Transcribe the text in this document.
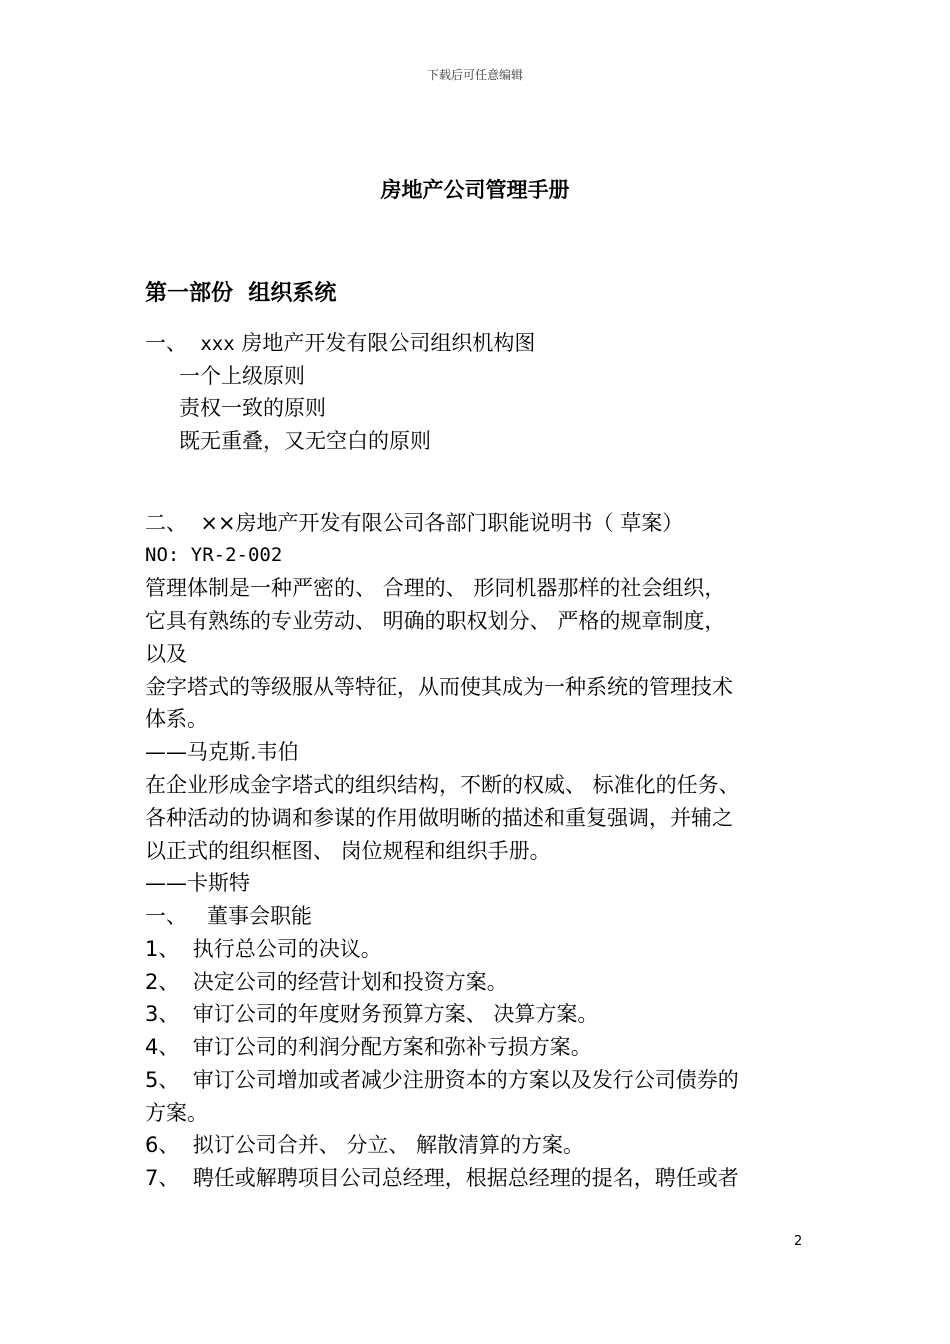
下载后可任意编辑
房地产公司管理手册
第一部份  组织系统
一、  xxx 房地产开发有限公司组织机构图
一个上级原则
责权一致的原则
既无重叠，又无空白的原则
二、  ××房地产开发有限公司各部门职能说明书（ 草案）
NO: YR-2-002
管理体制是一种严密的、 合理的、 形同机器那样的社会组织，
它具有熟练的专业劳动、 明确的职权划分、 严格的规章制度，
以及
金字塔式的等级服从等特征，从而使其成为一种系统的管理技术
体系。
——马克斯.韦伯
在企业形成金字塔式的组织结构，不断的权威、 标准化的任务、
各种活动的协调和参谋的作用做明晰的描述和重复强调，并辅之
以正式的组织框图、 岗位规程和组织手册。
——卡斯特
一、   董事会职能
1、  执行总公司的决议。
2、  决定公司的经营计划和投资方案。
3、  审订公司的年度财务预算方案、 决算方案。
4、  审订公司的利润分配方案和弥补亏损方案。
5、  审订公司增加或者减少注册资本的方案以及发行公司债券的
方案。
6、  拟订公司合并、 分立、 解散清算的方案。
7、  聘任或解聘项目公司总经理，根据总经理的提名，聘任或者
2
